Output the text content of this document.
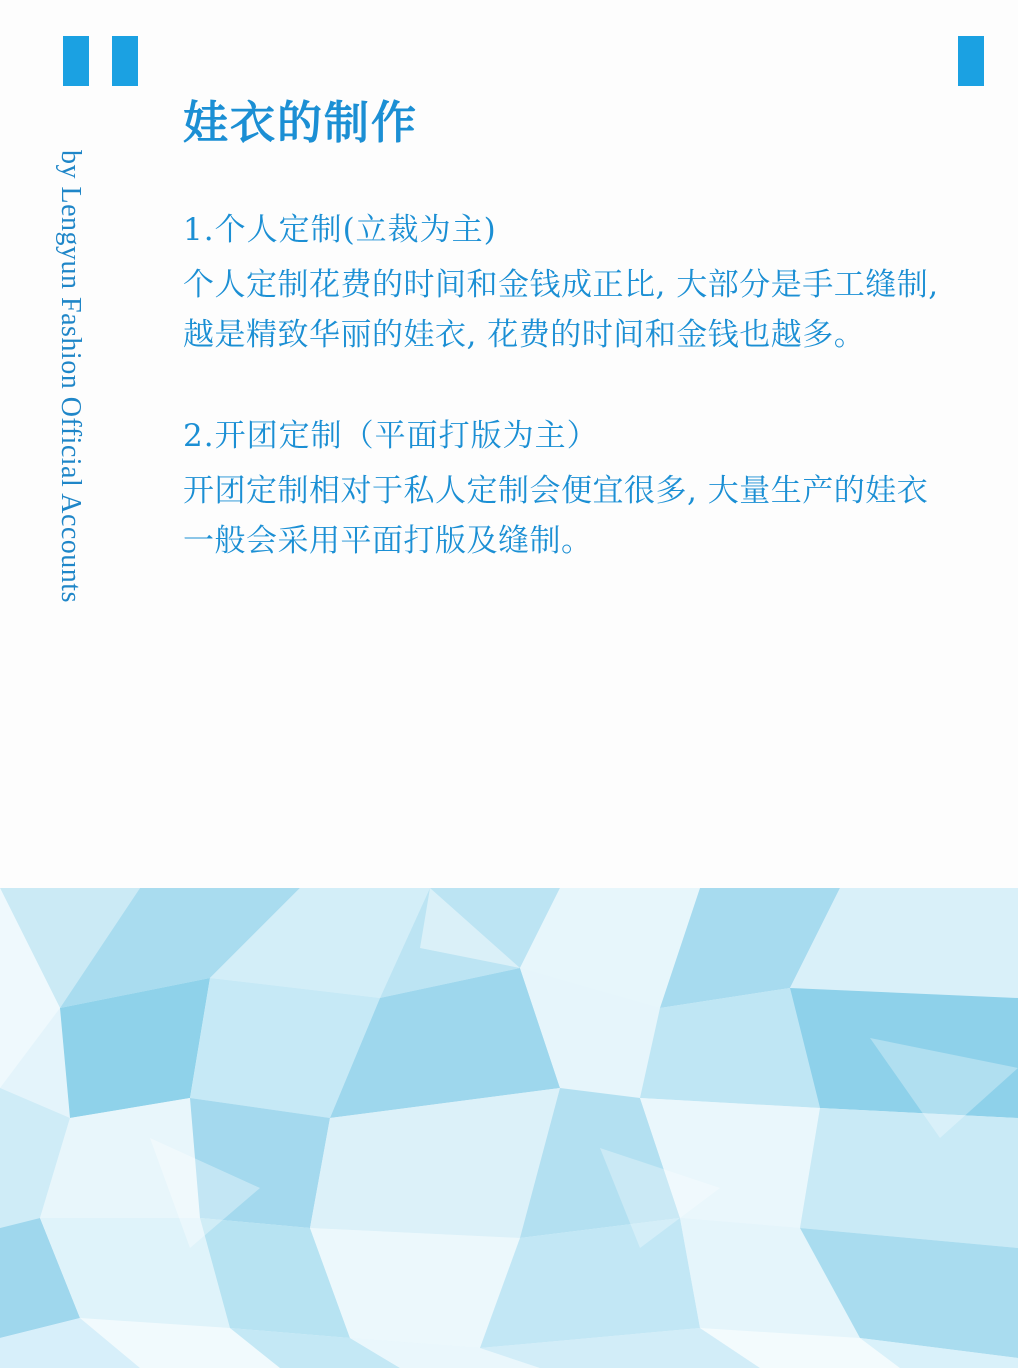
by Lengyun Fashion Official Accounts
娃衣的制作

1.个人定制(立裁为主)

个人定制花费的时间和金钱成正比, 大部分是手工缝制, 越是精致华丽的娃衣, 花费的时间和金钱也越多。

2.开团定制（平面打版为主）

开团定制相对于私人定制会便宜很多, 大量生产的娃衣一般会采用平面打版及缝制。
